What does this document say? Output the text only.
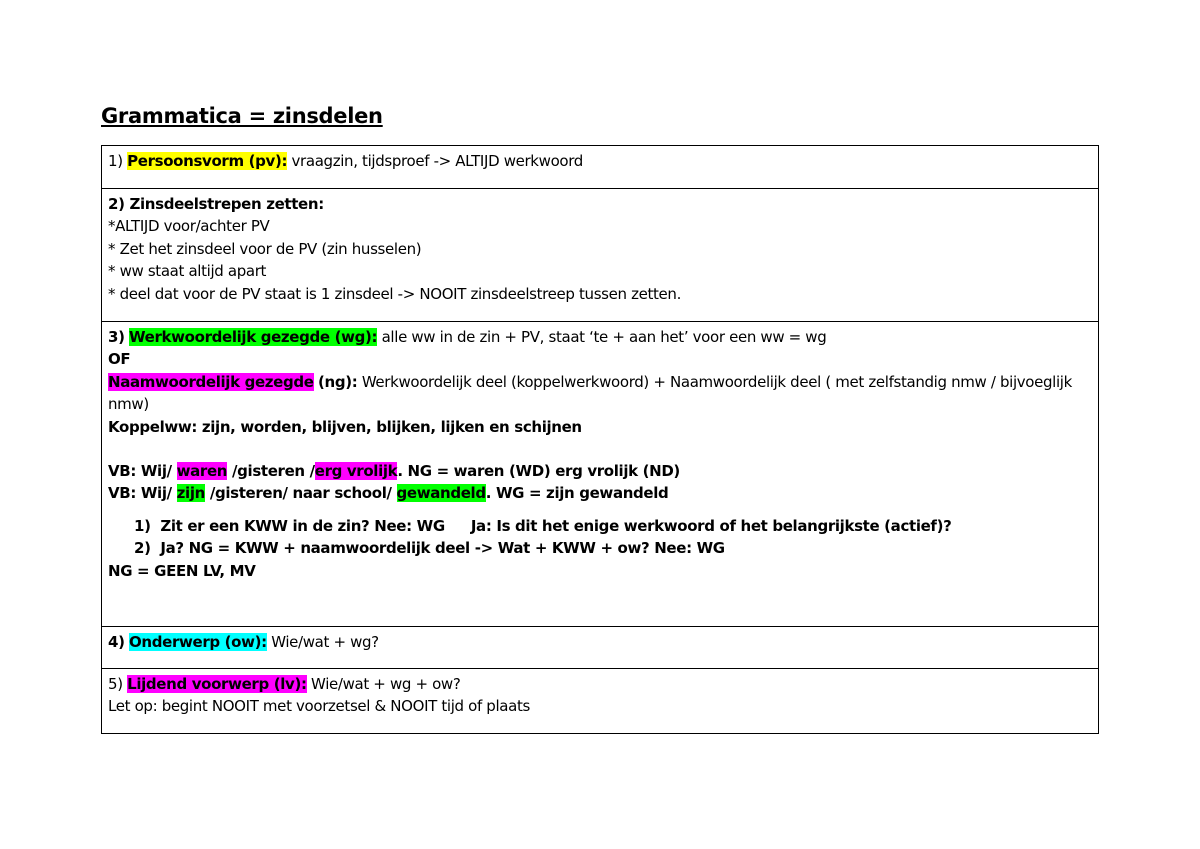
Grammatica = zinsdelen
1) Persoonsvorm (pv): vraagzin, tijdsproef -> ALTIJD werkwoord

2) Zinsdeelstrepen zetten:
*ALTIJD voor/achter PV
* Zet het zinsdeel voor de PV (zin husselen)
* ww staat altijd apart
* deel dat voor de PV staat is 1 zinsdeel -> NOOIT zinsdeelstreep tussen zetten.

3) Werkwoordelijk gezegde (wg): alle ww in de zin + PV, staat ‘te + aan het’ voor een ww = wg
OF
Naamwoordelijk gezegde (ng): Werkwoordelijk deel (koppelwerkwoord) + Naamwoordelijk deel ( met zelfstandig nmw / bijvoeglijk nmw)
Koppelww: zijn, worden, blijven, blijken, lijken en schijnen
VB: Wij/ waren /gisteren /erg vrolijk. NG = waren (WD) erg vrolijk (ND)
VB: Wij/ zijn /gisteren/ naar school/ gewandeld. WG = zijn gewandeld
1) Zit er een KWW in de zin? Nee: WG Ja: Is dit het enige werkwoord of het belangrijkste (actief)?
2) Ja? NG = KWW + naamwoordelijk deel -> Wat + KWW + ow? Nee: WG
NG = GEEN LV, MV

4) Onderwerp (ow): Wie/wat + wg?

5) Lijdend voorwerp (lv): Wie/wat + wg + ow?
Let op: begint NOOIT met voorzetsel & NOOIT tijd of plaats
